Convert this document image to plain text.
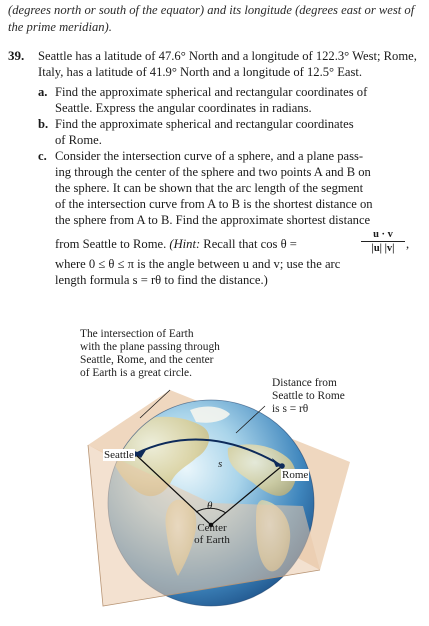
(degrees north or south of the equator) and its longitude (degrees east or west of the prime meridian).
39. Seattle has a latitude of 47.6° North and a longitude of 122.3° West; Rome, Italy, has a latitude of 41.9° North and a longitude of 12.5° East.
a. Find the approximate spherical and rectangular coordinates of
Seattle. Express the angular coordinates in radians.
b. Find the approximate spherical and rectangular coordinates
of Rome.
c. Consider the intersection curve of a sphere, and a plane pass-
ing through the center of the sphere and two points A and B on
the sphere. It can be shown that the arc length of the segment
of the intersection curve from A to B is the shortest distance on
the sphere from A to B. Find the approximate shortest distance
from Seattle to Rome. (Hint: Recall that cos θ =	$\frac{u \cdot v}{|u| |v|}$ ,
where 0 ≤ θ ≤ π is the angle between u and v; use the arc
length formula s = rθ to find the distance.)
The intersection of Earth
with the plane passing through
Seattle, Rome, and the center
of Earth is a great circle.
Distance from
Seattle to Rome
is s = rθ
Seattle
Rome
s
θ
Center
of Earth
